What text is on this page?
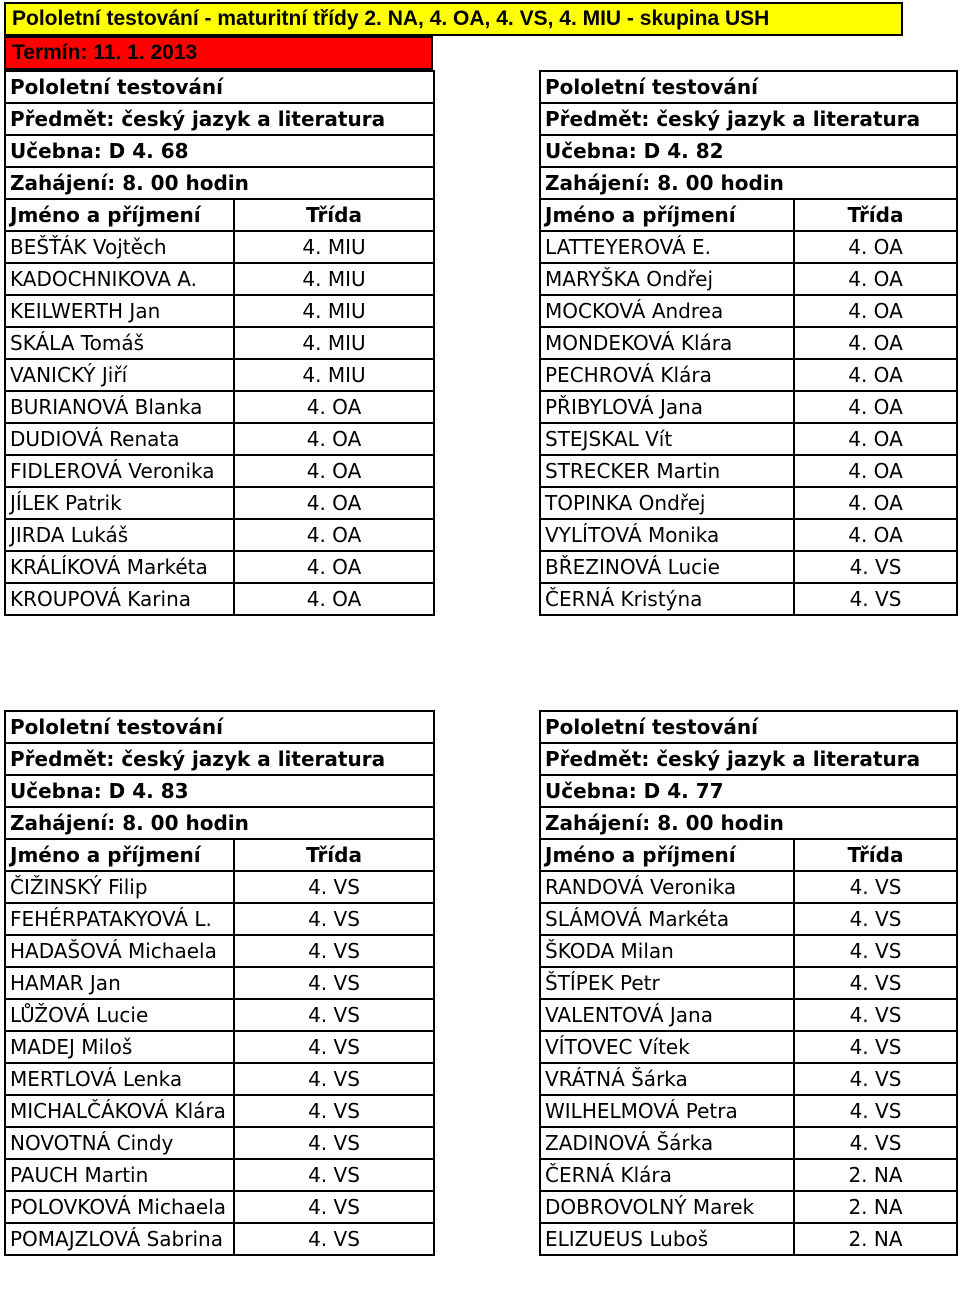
Pololetní testování - maturitní třídy 2. NA, 4. OA, 4. VS, 4. MIU - skupina USH
Termín: 11. 1. 2013
Pololetní testování	
Předmět: český jazyk a literatura	
Učebna: D 4. 68	
Zahájení: 8. 00 hodin	
Jméno a příjmení	Třída
BEŠŤÁK Vojtěch	4. MIU
KADOCHNIKOVA A.	4. MIU
KEILWERTH Jan	4. MIU
SKÁLA Tomáš	4. MIU
VANICKÝ Jiří	4. MIU
BURIANOVÁ Blanka	4. OA
DUDIOVÁ Renata	4. OA
FIDLEROVÁ Veronika	4. OA
JÍLEK Patrik	4. OA
JIRDA Lukáš	4. OA
KRÁLÍKOVÁ Markéta	4. OA
KROUPOVÁ Karina	4. OA
Pololetní testování	
Předmět: český jazyk a literatura	
Učebna: D 4. 82	
Zahájení: 8. 00 hodin	
Jméno a příjmení	Třída
LATTEYEROVÁ E.	4. OA
MARYŠKA Ondřej	4. OA
MOCKOVÁ Andrea	4. OA
MONDEKOVÁ Klára	4. OA
PECHROVÁ Klára	4. OA
PŘIBYLOVÁ Jana	4. OA
STEJSKAL Vít	4. OA
STRECKER Martin	4. OA
TOPINKA Ondřej	4. OA
VYLÍTOVÁ Monika	4. OA
BŘEZINOVÁ Lucie	4. VS
ČERNÁ Kristýna	4. VS
Pololetní testování	
Předmět: český jazyk a literatura	
Učebna: D 4. 83	
Zahájení: 8. 00 hodin	
Jméno a příjmení	Třída
ČIŽINSKÝ Filip	4. VS
FEHÉRPATAKYOVÁ L.	4. VS
HADAŠOVÁ Michaela	4. VS
HAMAR Jan	4. VS
LŮŽOVÁ Lucie	4. VS
MADEJ Miloš	4. VS
MERTLOVÁ Lenka	4. VS
MICHALČÁKOVÁ Klára	4. VS
NOVOTNÁ Cindy	4. VS
PAUCH Martin	4. VS
POLOVKOVÁ Michaela	4. VS
POMAJZLOVÁ Sabrina	4. VS
Pololetní testování	
Předmět: český jazyk a literatura	
Učebna: D 4. 77	
Zahájení: 8. 00 hodin	
Jméno a příjmení	Třída
RANDOVÁ Veronika	4. VS
SLÁMOVÁ Markéta	4. VS
ŠKODA Milan	4. VS
ŠTÍPEK Petr	4. VS
VALENTOVÁ Jana	4. VS
VÍTOVEC Vítek	4. VS
VRÁTNÁ Šárka	4. VS
WILHELMOVÁ Petra	4. VS
ZADINOVÁ Šárka	4. VS
ČERNÁ Klára	2. NA
DOBROVOLNÝ Marek	2. NA
ELIZUEUS Luboš	2. NA
